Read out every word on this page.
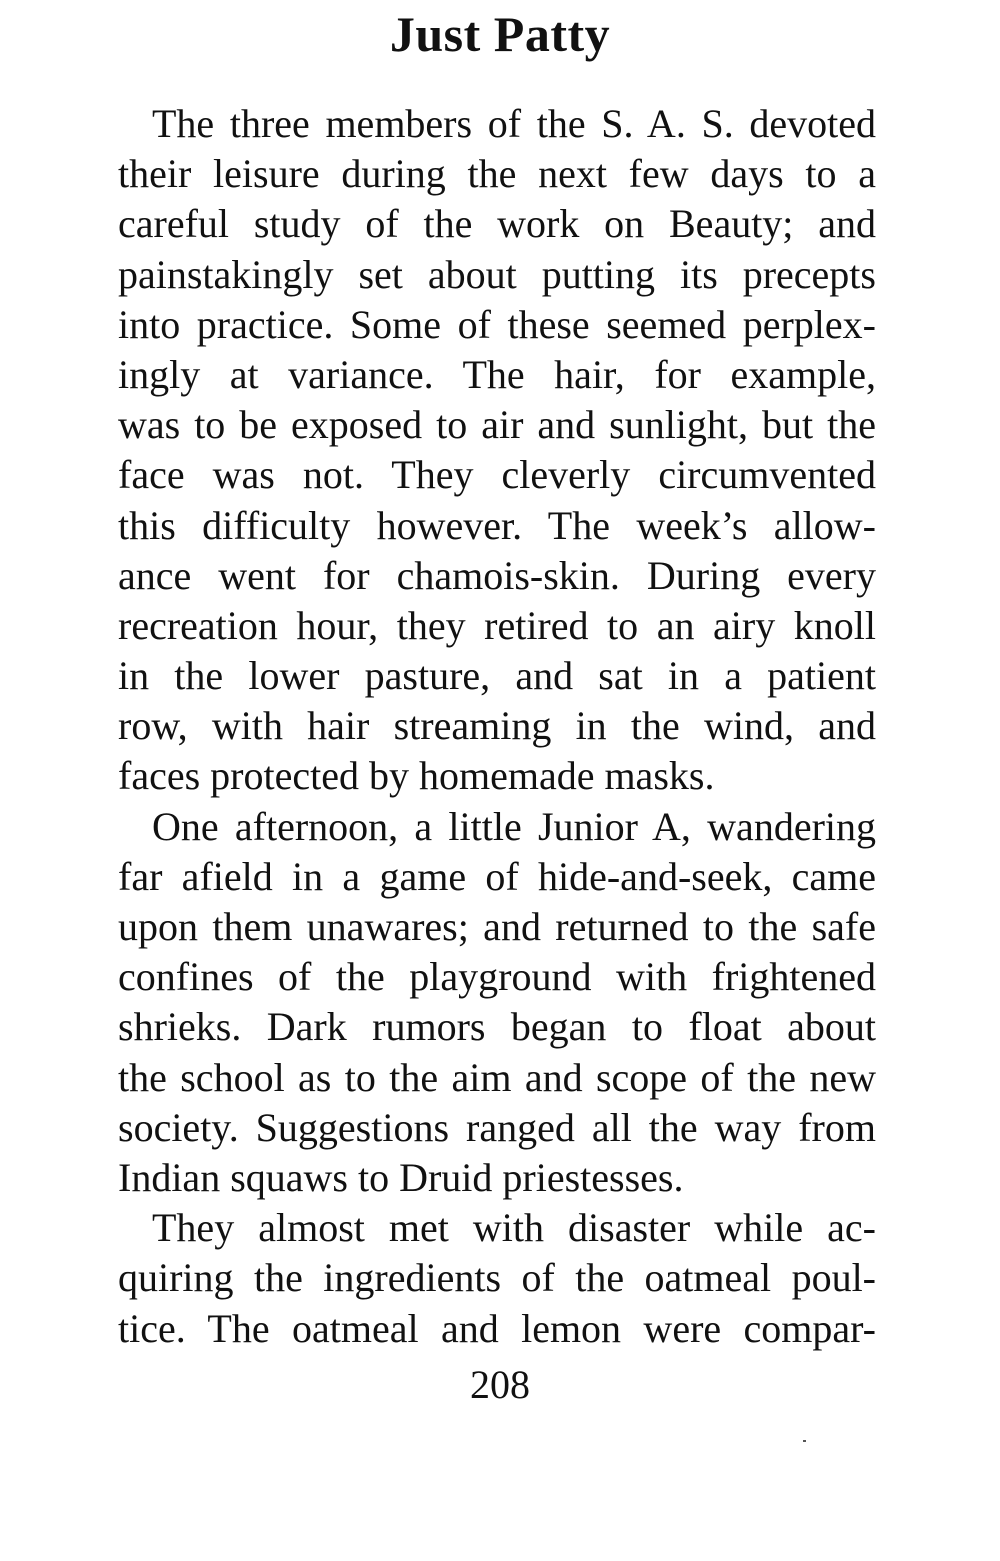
Just Patty
The three members of the S. A. S. devoted
their leisure during the next few days to a
careful study of the work on Beauty; and
painstakingly set about putting its precepts
into practice. Some of these seemed perplex-
ingly at variance. The hair, for example,
was to be exposed to air and sunlight, but the
face was not. They cleverly circumvented
this difficulty however. The week’s allow-
ance went for chamois-skin. During every
recreation hour, they retired to an airy knoll
in the lower pasture, and sat in a patient
row, with hair streaming in the wind, and
faces protected by homemade masks.
One afternoon, a little Junior A, wandering
far afield in a game of hide-and-seek, came
upon them unawares; and returned to the safe
confines of the playground with frightened
shrieks. Dark rumors began to float about
the school as to the aim and scope of the new
society. Suggestions ranged all the way from
Indian squaws to Druid priestesses.
They almost met with disaster while ac-
quiring the ingredients of the oatmeal poul-
tice. The oatmeal and lemon were compar-
208
